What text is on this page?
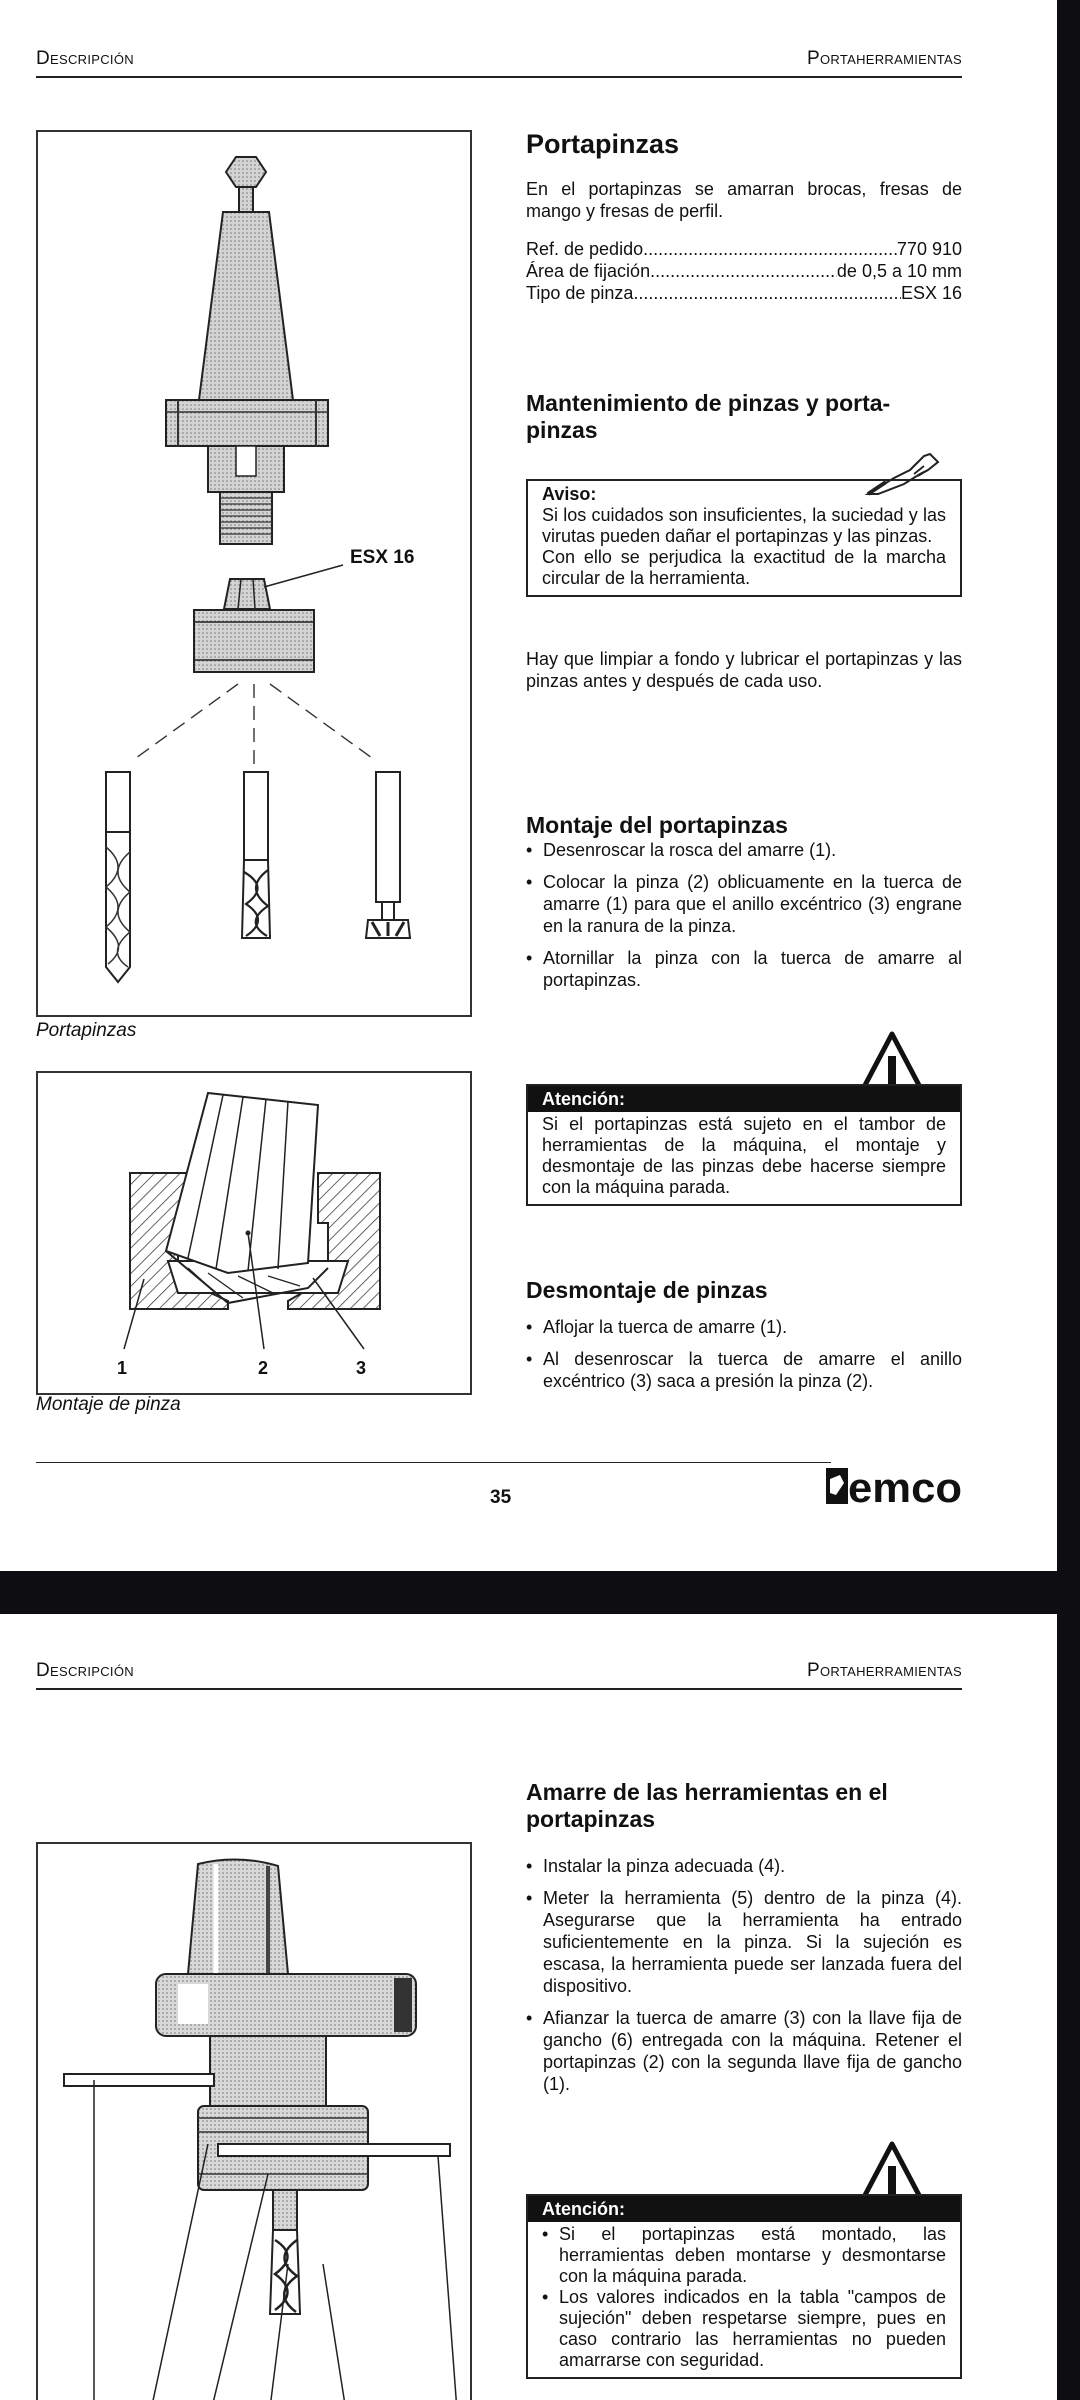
Descripción	Portaherramientas
ESX 16
Portapinzas
1	2	3
Montaje de pinza
Portapinzas
En el portapinzas se amarran brocas, fresas de mango y fresas de perfil.
Ref. de pedido .....	770 910
Área de fijación .....	de 0,5 a 10 mm
Tipo de pinza .....	ESX 16
Mantenimiento de pinzas y porta-pinzas
Aviso:
Si los cuidados son insuficientes, la suciedad y las virutas pueden dañar el portapinzas y las pinzas.
Con ello se perjudica la exactitud de la marcha circular de la herramienta.
Hay que limpiar a fondo y lubricar el portapinzas y las pinzas antes y después de cada uso.
Montaje del portapinzas
• Desenroscar la rosca del amarre (1).
• Colocar la pinza (2) oblicuamente en la tuerca de amarre (1) para que el anillo excéntrico (3) engrane en la ranura de la pinza.
• Atornillar la pinza con la tuerca de amarre al portapinzas.
Atención:
Si el portapinzas está sujeto en el tambor de herramientas de la máquina, el montaje y desmontaje de las pinzas debe hacerse siempre con la máquina parada.
Desmontaje de pinzas
• Aflojar la tuerca de amarre (1).
• Al desenroscar la tuerca de amarre el anillo excéntrico (3) saca a presión la pinza (2).
35	emco
Descripción	Portaherramientas
Amarre de las herramientas en el portapinzas
• Instalar la pinza adecuada (4).
• Meter la herramienta (5) dentro de la pinza (4). Asegurarse que la herramienta ha entrado suficientemente en la pinza. Si la sujeción es escasa, la herramienta puede ser lanzada fuera del dispositivo.
• Afianzar la tuerca de amarre (3) con la llave fija de gancho (6) entregada con la máquina. Retener el portapinzas (2) con la segunda llave fija de gancho (1).
Atención:
• Si el portapinzas está montado, las herramientas deben montarse y desmontarse con la máquina parada.
• Los valores indicados en la tabla "campos de sujeción" deben respetarse siempre, pues en caso contrario las herramientas no pueden amarrarse con seguridad.
